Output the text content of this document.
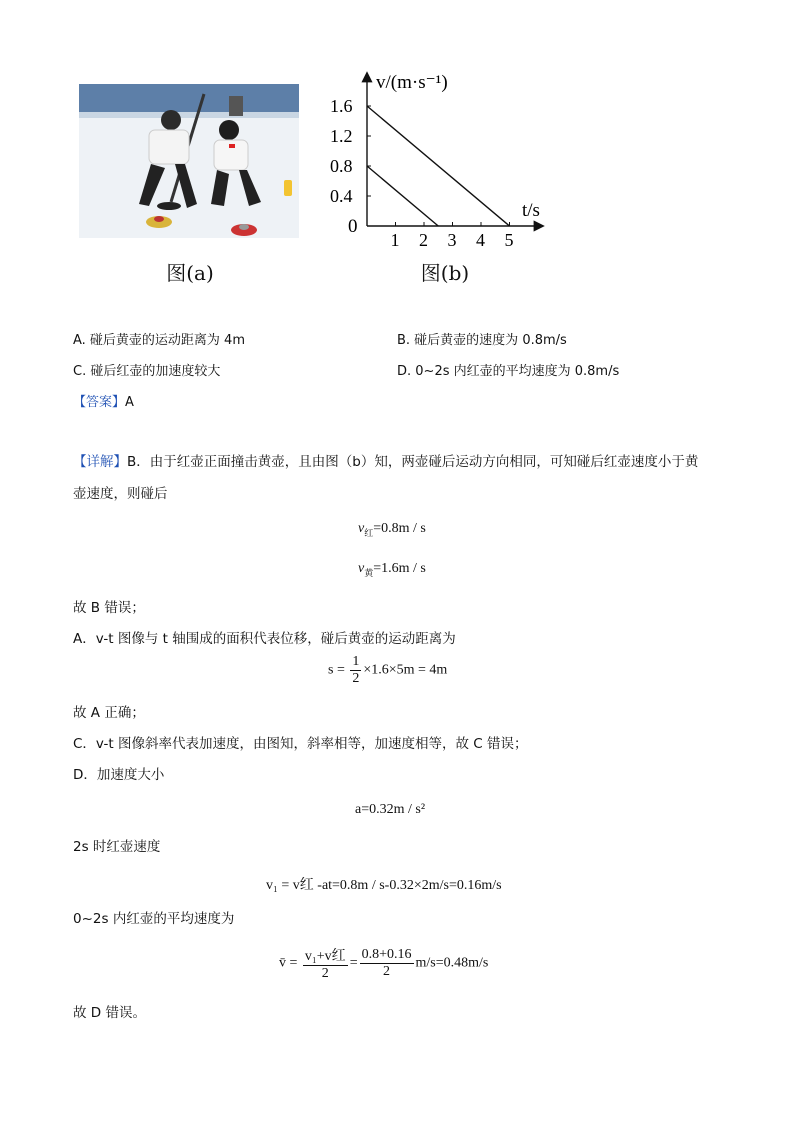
图(a)
v/(m·s⁻¹)
t/s
0
0.4
0.8
1.2
1.6
1 2 3 4 5
图(b)
A. 碰后黄壶的运动距离为 4m	B. 碰后黄壶的速度为 0.8m/s
C. 碰后红壶的加速度较大	D. 0~2s 内红壶的平均速度为 0.8m/s
【答案】A
【详解】B．由于红壶正面撞击黄壶，且由图（b）知，两壶碰后运动方向相同，可知碰后红壶速度小于黄
壶速度，则碰后
$v_红=0.8m / s$
$v_黄=1.6m / s$
故 B 错误；
A．v-t 图像与 t 轴围成的面积代表位移，碰后黄壶的运动距离为
$s = \frac{1}{2} \times 1.6\times 5m = 4m$
故 A 正确；
C．v-t 图像斜率代表加速度，由图知，斜率相等，加速度相等，故 C 错误；
D．加速度大小
a=0.32m / s²
2s 时红壶速度
v₁ = v红 -at=0.8m / s-0.32×2m/s=0.16m/s
0~2s 内红壶的平均速度为
v̄ = $\frac{\text{v₁+v红}}{2} = \frac{0.8+0.16}{2} m/s=0.48m/s$
故 D 错误。
